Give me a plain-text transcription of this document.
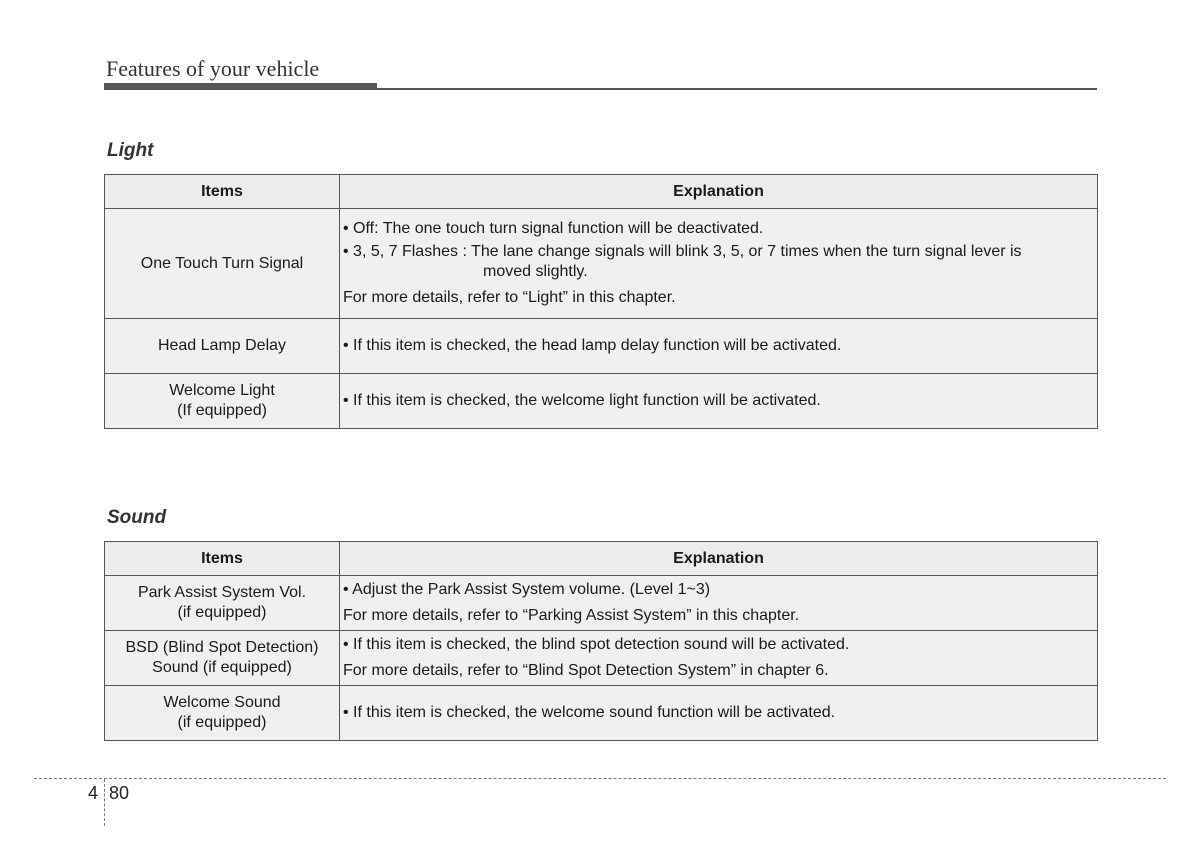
Features of your vehicle
Light
Items	Explanation
One Touch Turn Signal	• Off: The one touch turn signal function will be deactivated.
• 3, 5, 7 Flashes : The lane change signals will blink 3, 5, or 7 times when the turn signal lever is
moved slightly.
For more details, refer to “Light” in this chapter.

Head Lamp Delay	• If this item is checked, the head lamp delay function will be activated.

Welcome Light
(If equipped)	• If this item is checked, the welcome light function will be activated.
Sound
Items	Explanation

Park Assist System Vol.
(if equipped)	• Adjust the Park Assist System volume. (Level 1~3)
For more details, refer to “Parking Assist System” in this chapter.

BSD (Blind Spot Detection)
Sound (if equipped)	• If this item is checked, the blind spot detection sound will be activated.
For more details, refer to “Blind Spot Detection System” in chapter 6.

Welcome Sound
(if equipped)	• If this item is checked, the welcome sound function will be activated.
4 80
